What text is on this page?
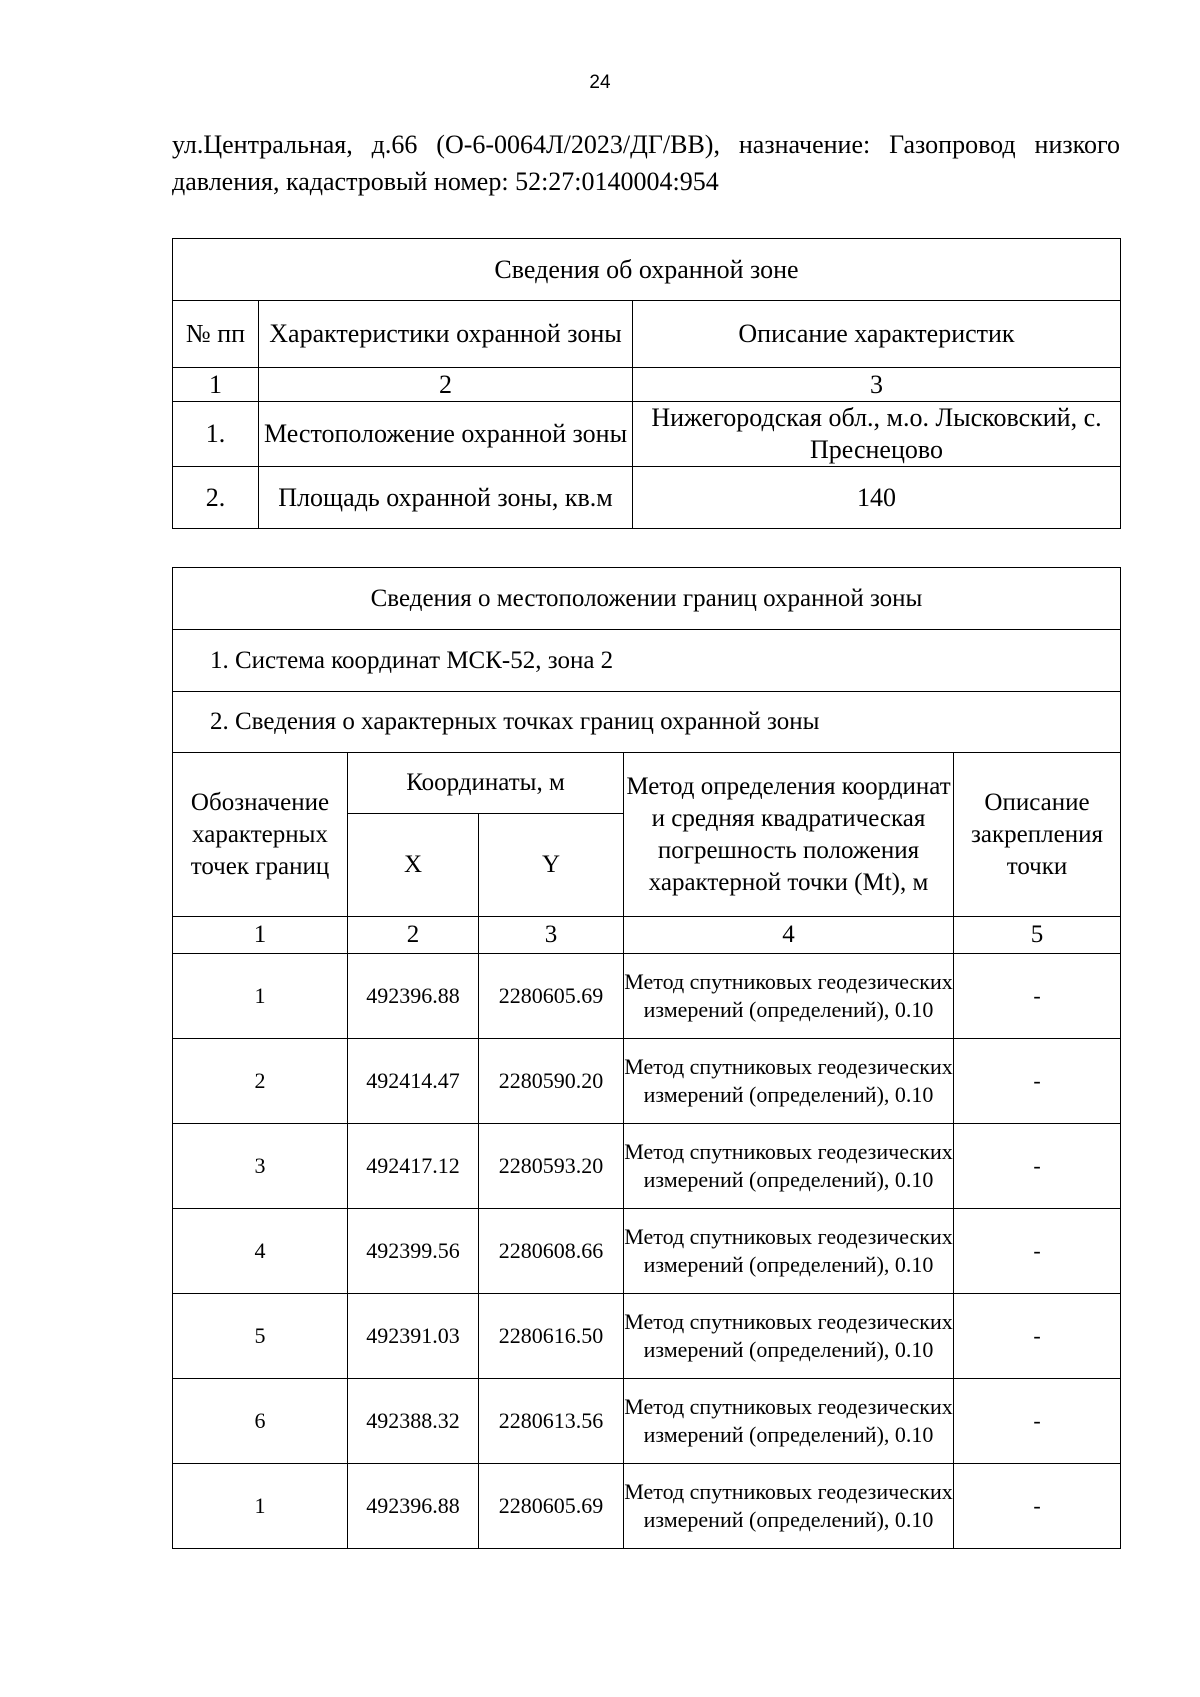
24
ул.Центральная, д.66 (О-6-0064Л/2023/ДГ/ВВ), назначение: Газопровод низкого давления, кадастровый номер: 52:27:0140004:954
Сведения об охранной зоне		
№ пп	Характеристики охранной зоны	Описание характеристик
1	2	3
1.	Местоположение охранной зоны	Нижегородская обл., м.о. Лысковский, с. Преснецово
2.	Площадь охранной зоны, кв.м	140
Сведения о местоположении границ охранной зоны				
1. Система координат МСК-52, зона 2				
2. Сведения о характерных точках границ охранной зоны				
Обозначение характерных точек границ	Координаты, м		Метод определения координат и средняя квадратическая погрешность положения характерной точки (Mt), м	Описание закрепления точки
	X	Y		
1	2	3	4	5
1	492396.88	2280605.69	Метод спутниковых геодезических измерений (определений), 0.10	-
2	492414.47	2280590.20	Метод спутниковых геодезических измерений (определений), 0.10	-
3	492417.12	2280593.20	Метод спутниковых геодезических измерений (определений), 0.10	-
4	492399.56	2280608.66	Метод спутниковых геодезических измерений (определений), 0.10	-
5	492391.03	2280616.50	Метод спутниковых геодезических измерений (определений), 0.10	-
6	492388.32	2280613.56	Метод спутниковых геодезических измерений (определений), 0.10	-
1	492396.88	2280605.69	Метод спутниковых геодезических измерений (определений), 0.10	-
